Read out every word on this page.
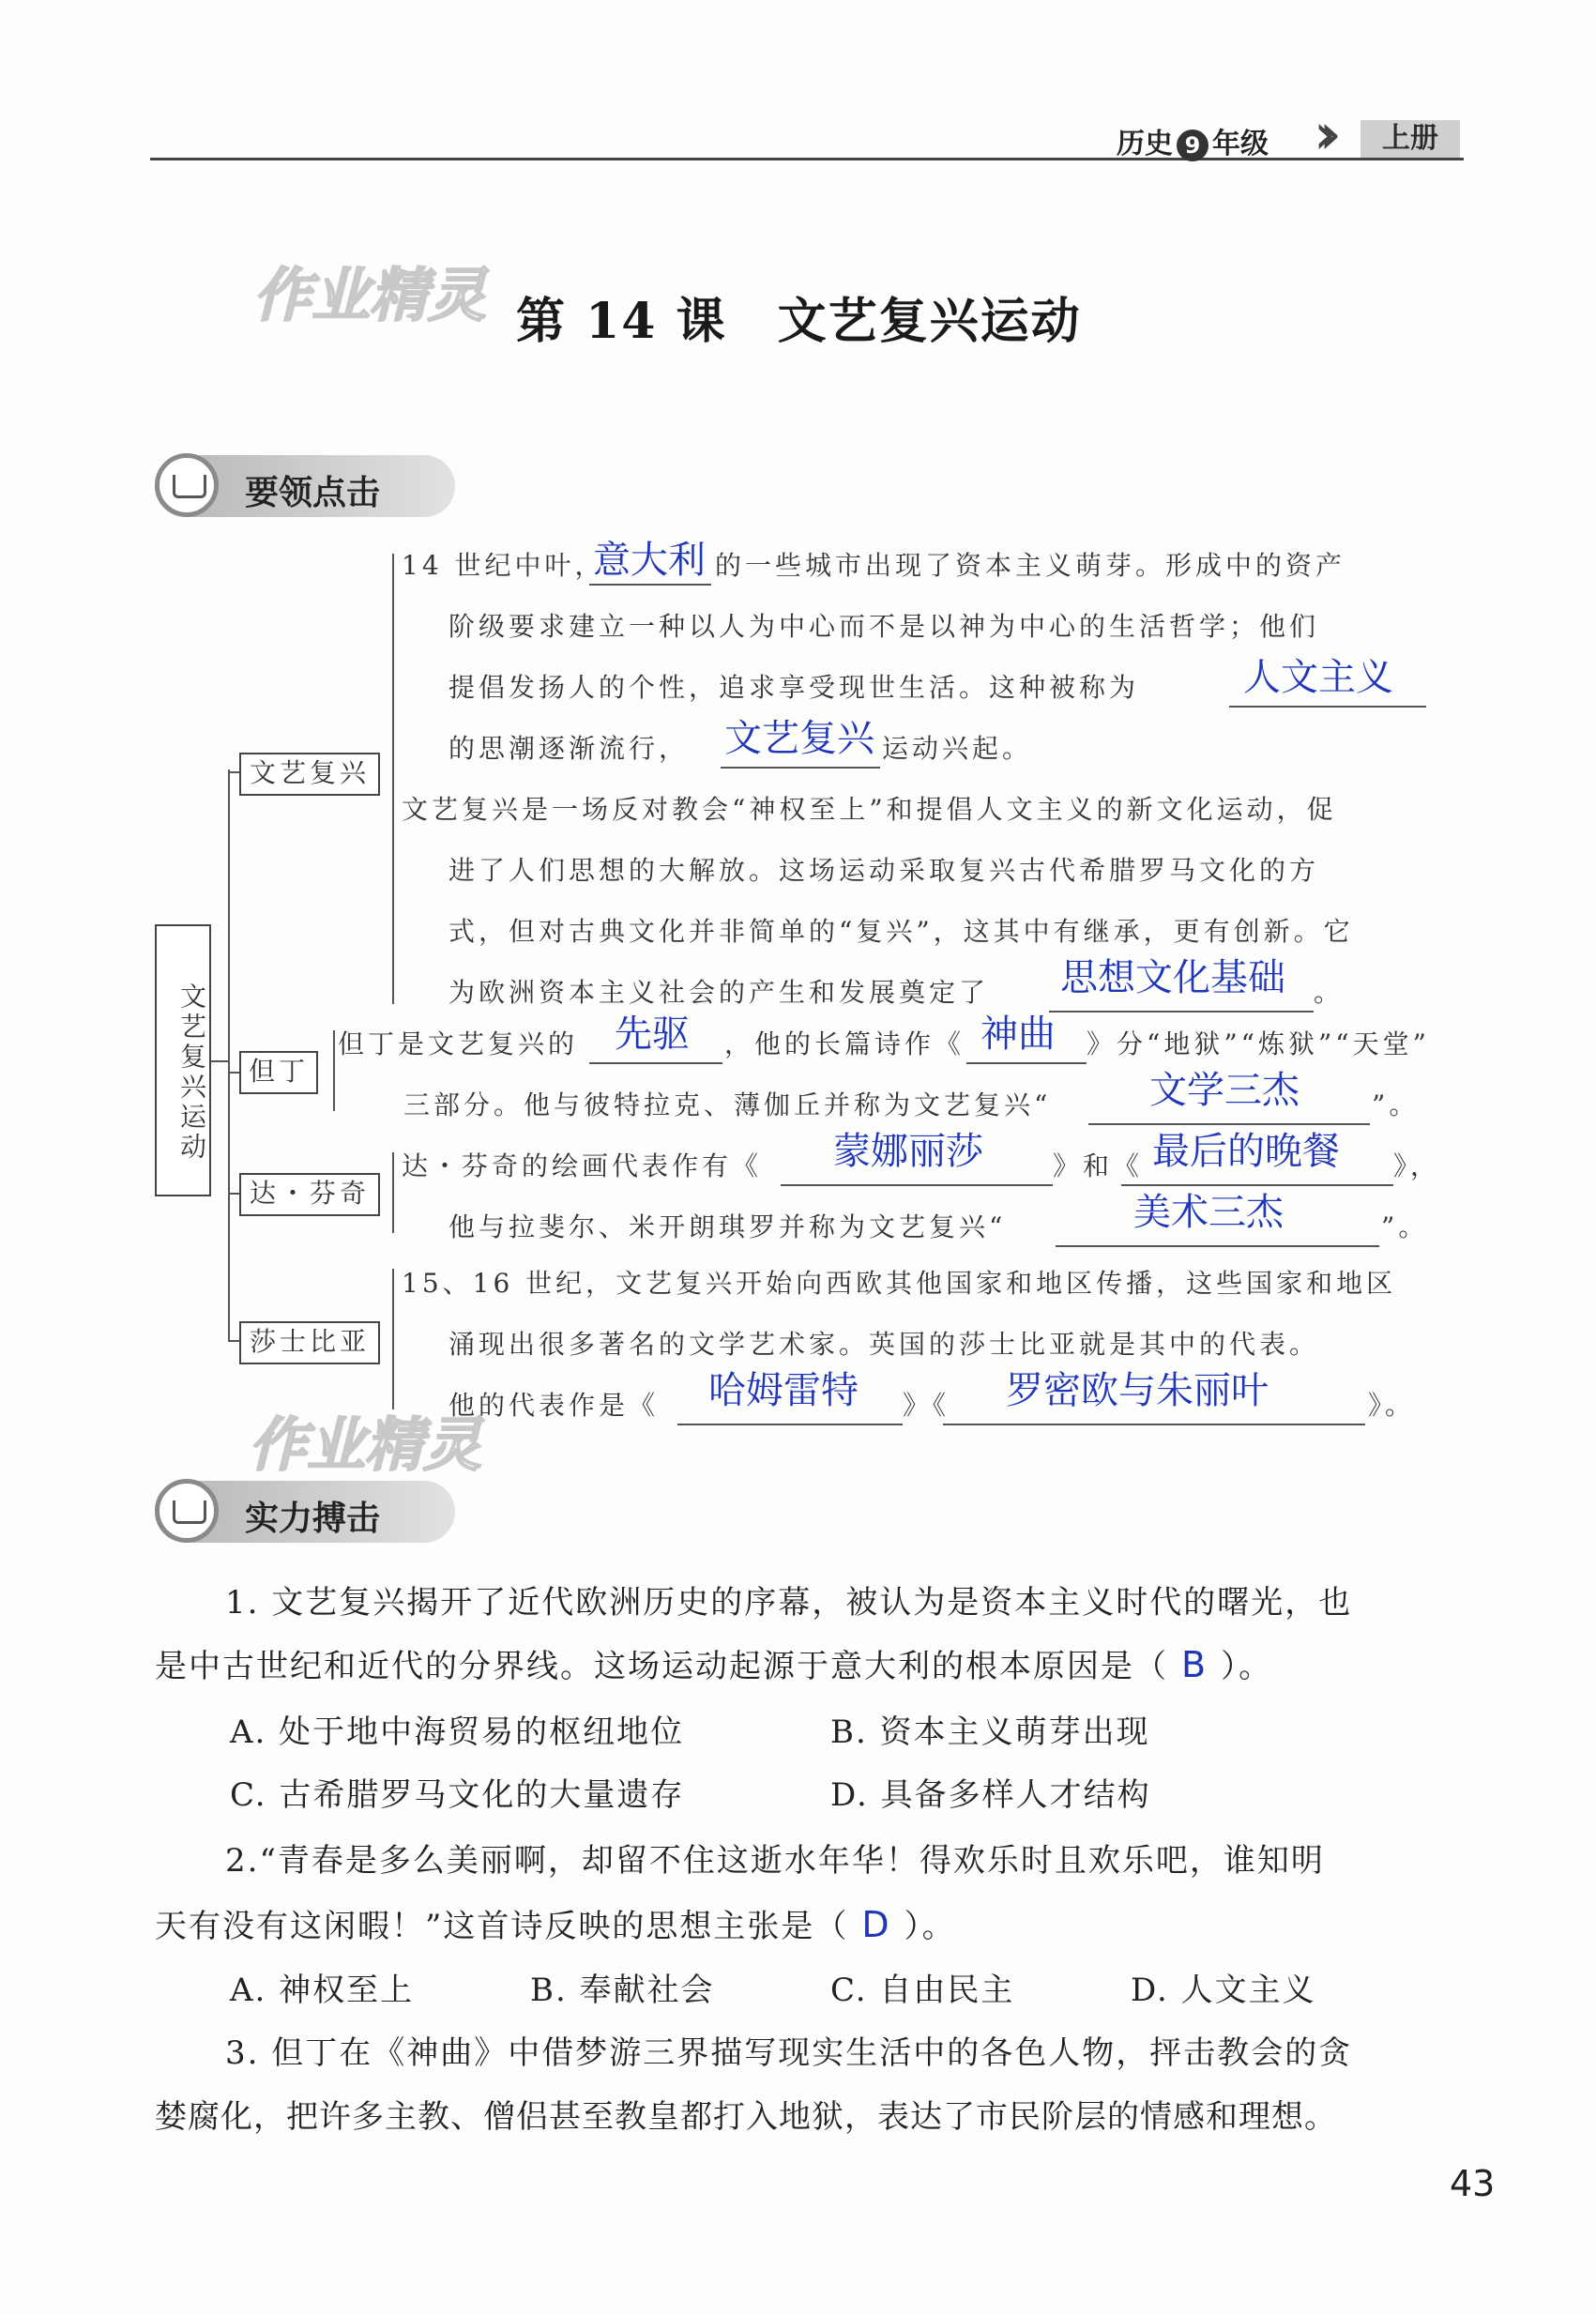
历史 9 年级 ››	上册
作业精灵
作业精灵
第 14 课　文艺复兴运动
要领点击
文艺复兴运动
文艺复兴
但丁
达・芬奇
莎士比亚
14 世纪中叶，
意大利 的一些城市出现了资本主义萌芽。形成中的资产
阶级要求建立一种以人为中心而不是以神为中心的生活哲学；他们
提倡发扬人的个性，追求享受现世生活。这种被称为	人文主义
的思潮逐渐流行， 文艺复兴 运动兴起。
文艺复兴是一场反对教会“神权至上”和提倡人文主义的新文化运动，促
进了人们思想的大解放。这场运动采取复兴古代希腊罗马文化的方
式，但对古典文化并非简单的“复兴”，这其中有继承，更有创新。它
为欧洲资本主义社会的产生和发展奠定了 思想文化基础 。
但丁是文艺复兴的 先驱 ，他的长篇诗作《 神曲 》分“地狱”“炼狱”“天堂”
三部分。他与彼特拉克、薄伽丘并称为文艺复兴“	文学三杰	”。
达・芬奇的绘画代表作有《 蒙娜丽莎	》和《 最后的晚餐 》，
他与拉斐尔、米开朗琪罗并称为文艺复兴“	美术三杰	”。
15、16 世纪，文艺复兴开始向西欧其他国家和地区传播，这些国家和地区
涌现出很多著名的文学艺术家。英国的莎士比亚就是其中的代表。
他的代表作是《 哈姆雷特 》《 罗密欧与朱丽叶	》。
实力搏击
1. 文艺复兴揭开了近代欧洲历史的序幕，被认为是资本主义时代的曙光，也
是中古世纪和近代的分界线。这场运动起源于意大利的根本原因是（ B ）。
A. 处于地中海贸易的枢纽地位	B. 资本主义萌芽出现
C. 古希腊罗马文化的大量遗存	D. 具备多样人才结构
2.“青春是多么美丽啊，却留不住这逝水年华！得欢乐时且欢乐吧，谁知明
天有没有这闲暇！”这首诗反映的思想主张是（ D ）。
A. 神权至上	B. 奉献社会	C. 自由民主	D. 人文主义
3. 但丁在《神曲》中借梦游三界描写现实生活中的各色人物，抨击教会的贪
婪腐化，把许多主教、僧侣甚至教皇都打入地狱，表达了市民阶层的情感和理想。
43
